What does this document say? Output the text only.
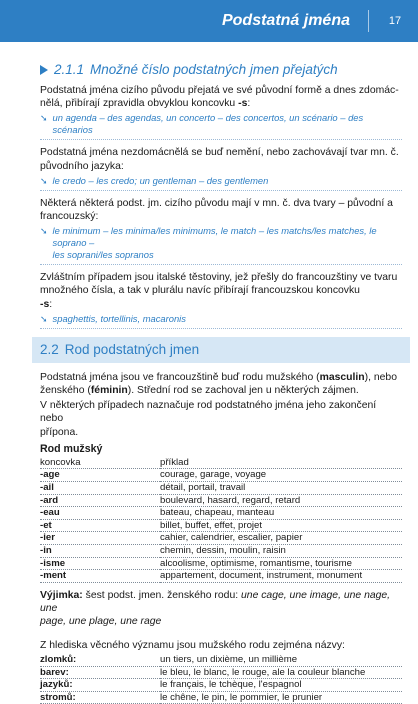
Podstatná jména	17
2.1.1 Množné číslo podstatných jmen přejatých

Podstatná jména cizího původu přejatá ve své původní formě a dnes zdomác-
nělá, přibírají zpravidla obvyklou koncovku -s:

➘ un agenda – des agendas, un concerto – des concertos, un scénario – des scénarios

Podstatná jména nezdomácnělá se buď nemění, nebo zachovávají tvar mn. č.
původního jazyka:

➘ le credo – les credo; un gentleman – des gentlemen

Některá některá podst. jm. cizího původu mají v mn. č. dva tvary – původní a
francouzský:

➘ le minimum – les minima/les minimums, le match – les matchs/les matches, le soprano –
les soprani/les sopranos

Zvláštním případem jsou italské těstoviny, jež přešly do francouzštiny ve tvaru
množného čísla, a tak v plurálu navíc přibírají francouzskou koncovku
-s:

➘ spaghettis, tortellinis, macaronis
2.2 Rod podstatných jmen

Podstatná jména jsou ve francouzštině buď rodu mužského (masculin), nebo
ženského (féminin). Střední rod se zachoval jen u některých zájmen.

V některých případech naznačuje rod podstatného jména jeho zakončení nebo
přípona.

Rod mužský
koncovka	příklad
-age	courage, garage, voyage
-ail	détail, portail, travail
-ard	boulevard, hasard, regard, retard
-eau	bateau, chapeau, manteau
-et	billet, buffet, effet, projet
-ier	cahier, calendrier, escalier, papier
-in	chemin, dessin, moulin, raisin
-isme	alcoolisme, optimisme, romantisme, tourisme
-ment	appartement, document, instrument, monument

Výjimka: šest podst. jmen. ženského rodu: une cage, une image, une nage, une
page, une plage, une rage

Z hlediska věcného významu jsou mužského rodu zejména názvy:

zlomků:	un tiers, un dixième, un millième
barev:	le bleu, le blanc, le rouge, ale la couleur blanche
jazyků:	le français, le tchèque, l'espagnol
stromů:	le chêne, le pin, le pommier, le prunier
